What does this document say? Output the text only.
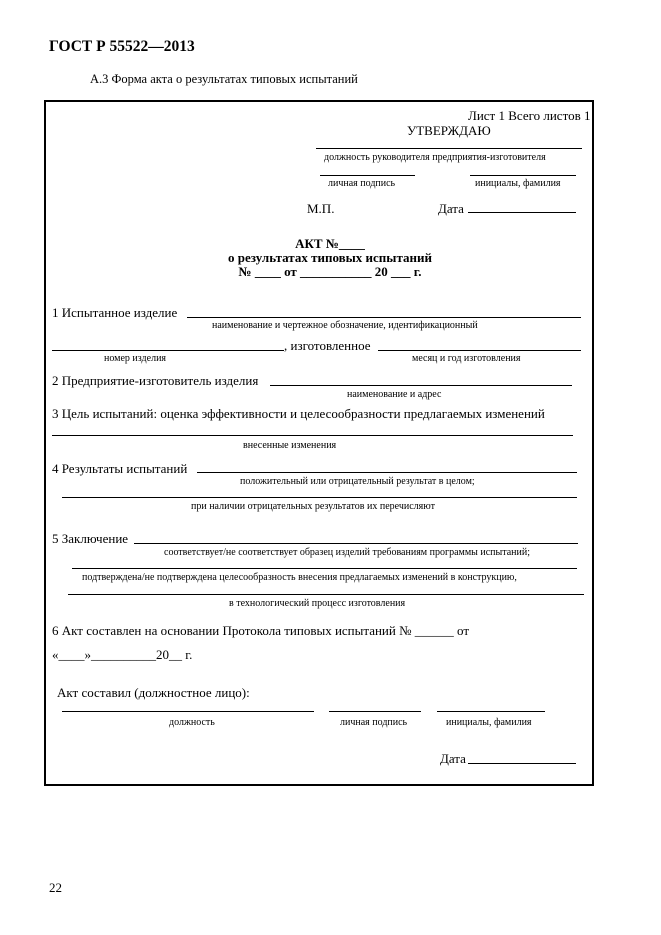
ГОСТ Р 55522—2013
А.3 Форма акта о результатах типовых испытаний
Лист 1 Всего листов 1
УТВЕРЖДАЮ
должность руководителя предприятия-изготовителя
личная подпись	инициалы, фамилия
М.П.	Дата
АКТ №____
о результатах типовых испытаний
№ ____ от ___________ 20 ___ г.
1 Испытанное изделие
наименование и чертежное обозначение, идентификационный
, изготовленное
номер изделия	месяц и год изготовления
2 Предприятие-изготовитель изделия
наименование и адрес
3 Цель испытаний: оценка эффективности и целесообразности предлагаемых изменений
внесенные изменения
4 Результаты испытаний
положительный или отрицательный результат в целом;
при наличии отрицательных результатов их перечисляют
5 Заключение
соответствует/не соответствует образец изделий требованиям программы испытаний;
подтверждена/не подтверждена целесообразность внесения предлагаемых изменений в конструкцию,
в технологический процесс изготовления
6 Акт составлен на основании Протокола типовых испытаний № ______ от
«____»__________20__ г.
Акт составил (должностное лицо):
должность	личная подпись	инициалы, фамилия
Дата
22
